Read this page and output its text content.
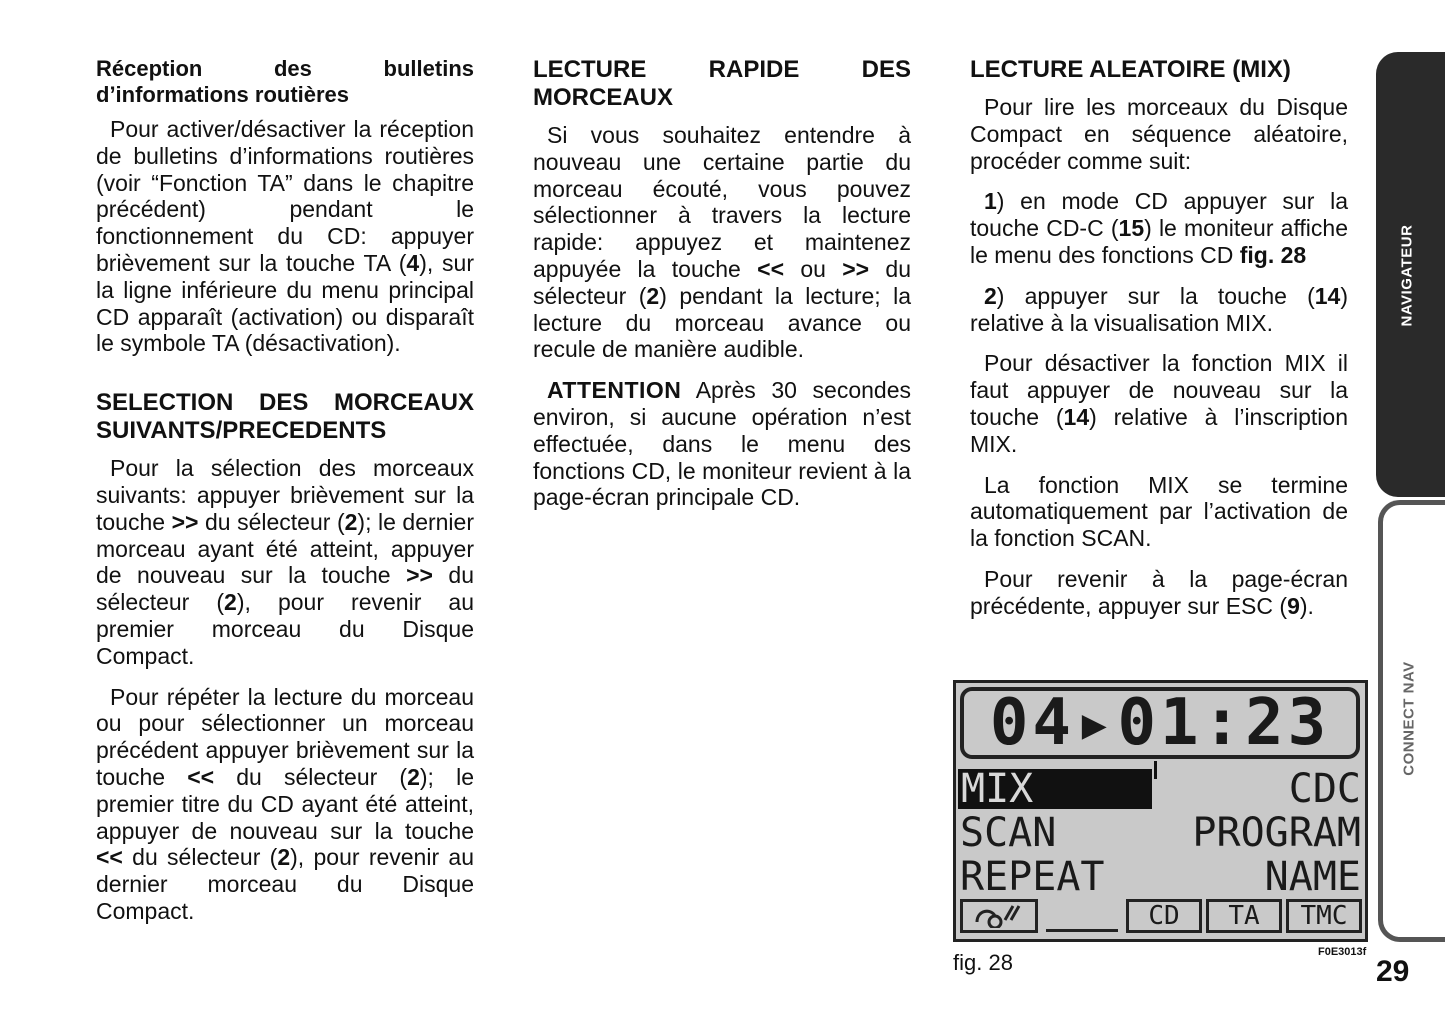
Réception des bulletins d’informations routières

Pour activer/désactiver la réception de bulletins d’informations routières (voir “Fonction TA” dans le chapitre précédent) pendant le fonctionnement du CD: appuyer brièvement sur la touche TA (4), sur la ligne inférieure du menu principal CD apparaît (activation) ou disparaît le symbole TA (désactivation).

SELECTION DES MORCEAUX SUIVANTS/PRECEDENTS

Pour la sélection des morceaux suivants: appuyer brièvement sur la touche >> du sélecteur (2); le dernier morceau ayant été atteint, appuyer de nouveau sur la touche >> du sélecteur (2), pour revenir au premier morceau du Disque Compact.

Pour répéter la lecture du morceau ou pour sélectionner un morceau précédent appuyer brièvement sur la touche << du sélecteur (2); le premier titre du CD ayant été atteint, appuyer de nouveau sur la touche << du sélecteur (2), pour revenir au dernier morceau du Disque Compact.

LECTURE RAPIDE DES MORCEAUX

Si vous souhaitez entendre à nouveau une certaine partie du morceau écouté, vous pouvez sélectionner à travers la lecture rapide: appuyez et maintenez appuyée la touche << ou >> du sélecteur (2) pendant la lecture; la lecture du morceau avance ou recule de manière audible.

ATTENTION Après 30 secondes environ, si aucune opération n’est effectuée, dans le menu des fonctions CD, le moniteur revient à la page-écran principale CD.

LECTURE ALEATOIRE (MIX)

Pour lire les morceaux du Disque Compact en séquence aléatoire, procéder comme suit:

1) en mode CD appuyer sur la touche CD-C (15) le moniteur affiche le menu des fonctions CD fig. 28

2) appuyer sur la touche (14) relative à la visualisation MIX.

Pour désactiver la fonction MIX il faut appuyer de nouveau sur la touche (14) relative à l’inscription MIX.

La fonction MIX se termine automatiquement par l’activation de la fonction SCAN.

Pour revenir à la page-écran précédente, appuyer sur ESC (9).

NAVIGATEUR
CONNECT NAV
04▸01:23
MIX	CDC
SCAN	PROGRAM
REPEAT	NAME
CD	TA	TMC
fig. 28	F0E3013f
29
